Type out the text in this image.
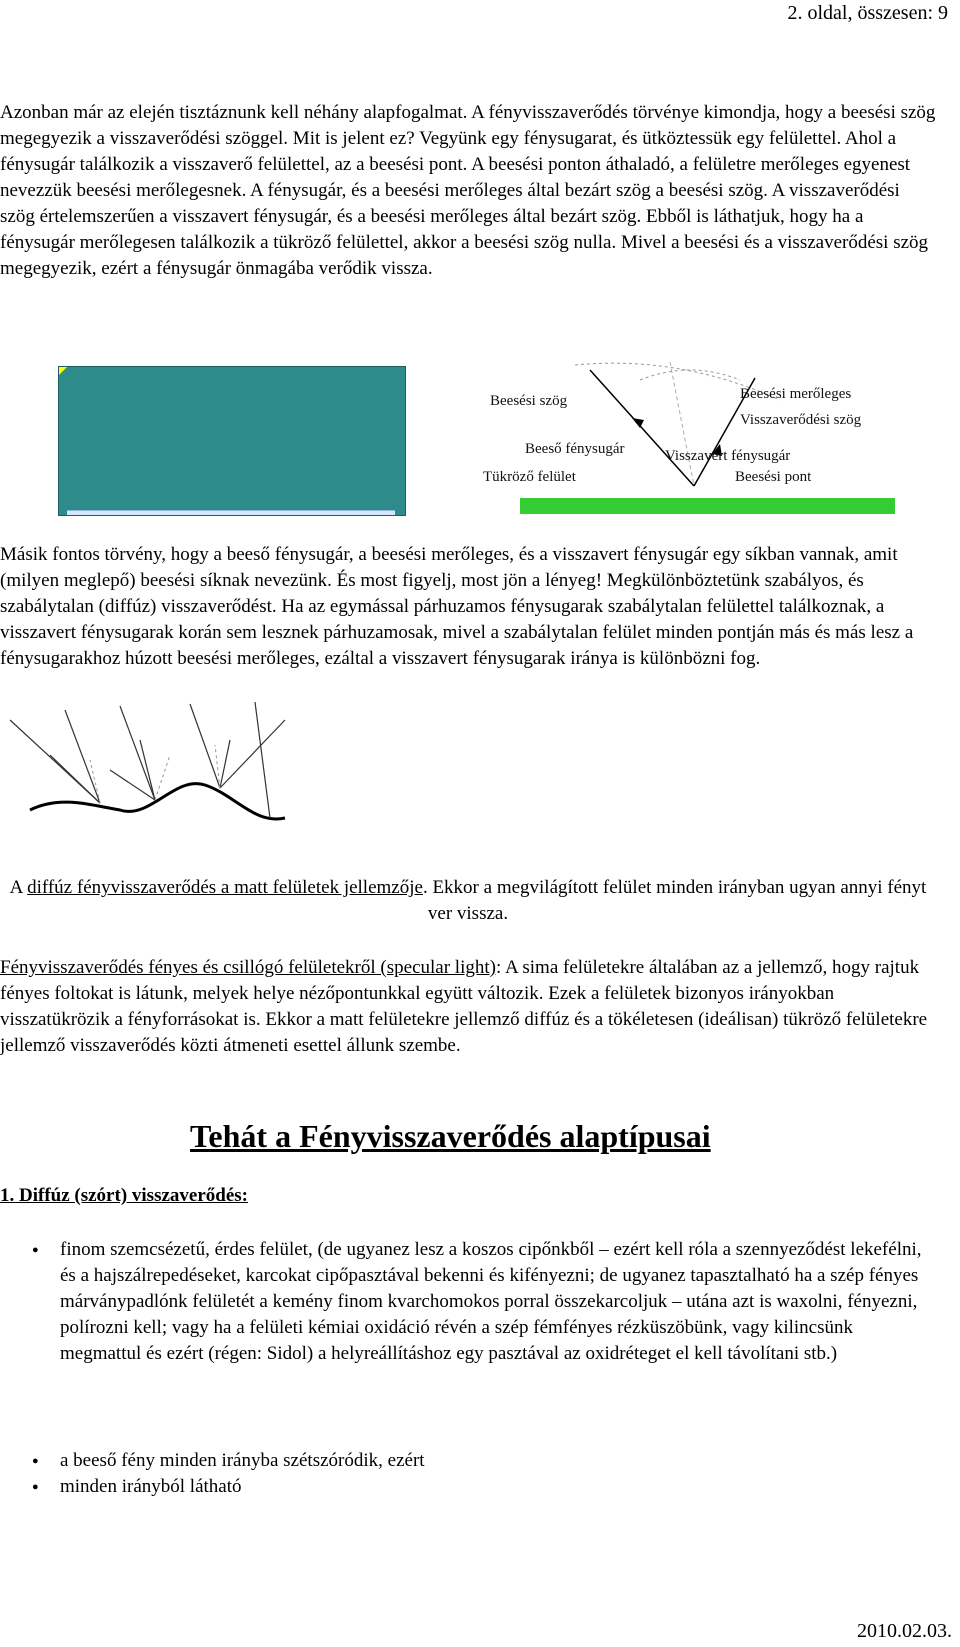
2. oldal, összesen: 9

Azonban már az elején tisztáznunk kell néhány alapfogalmat. A fényvisszaverődés törvénye kimondja, hogy a beesési szög megegyezik a visszaverődési szöggel. Mit is jelent ez? Vegyünk egy fénysugarat, és ütköztessük egy felülettel. Ahol a fénysugár találkozik a visszaverő felülettel, az a beesési pont. A beesési ponton áthaladó, a felületre merőleges egyenest nevezzük beesési merőlegesnek. A fénysugár, és a beesési merőleges által bezárt szög a beesési szög. A visszaverődési szög értelemszerűen a visszavert fénysugár, és a beesési merőleges által bezárt szög. Ebből is láthatjuk, hogy ha a fénysugár merőlegesen találkozik a tükröző felülettel, akkor a beesési szög nulla. Mivel a beesési és a visszaverődési szög megegyezik, ezért a fénysugár önmagába verődik vissza.

Beesési szög
Beeső fénysugár
Tükröző felület
Beesési merőleges
Visszaverődési szög
Visszavert fénysugár
Beesési pont

Másik fontos törvény, hogy a beeső fénysugár, a beesési merőleges, és a visszavert fénysugár egy síkban vannak, amit (milyen meglepő) beesési síknak nevezünk. És most figyelj, most jön a lényeg! Megkülönböztetünk szabályos, és szabálytalan (diffúz) visszaverődést. Ha az egymással párhuzamos fénysugarak szabálytalan felülettel találkoznak, a visszavert fénysugarak korán sem lesznek párhuzamosak, mivel a szabálytalan felület minden pontján más és más lesz a fénysugarakhoz húzott beesési merőleges, ezáltal a visszavert fénysugarak iránya is különbözni fog.

A diffúz fényvisszaverődés a matt felületek jellemzője. Ekkor a megvilágított felület minden irányban ugyan annyi fényt ver vissza.

Fényvisszaverődés fényes és csillógó felületekről (specular light): A sima felületekre általában az a jellemző, hogy rajtuk fényes foltokat is látunk, melyek helye nézőpontunkkal együtt változik. Ezek a felületek bizonyos irányokban visszatükrözik a fényforrásokat is. Ekkor a matt felületekre jellemző diffúz és a tökéletesen (ideálisan) tükröző felületekre jellemző visszaverődés közti átmeneti esettel állunk szembe.

Tehát a Fényvisszaverődés alaptípusai
1. Diffúz (szórt) visszaverődés:
● finom szemcsézetű, érdes felület, (de ugyanez lesz a koszos cipőnkből – ezért kell róla a szennyeződést lekefélni, és a hajszálrepedéseket, karcokat cipőpasztával bekenni és kifényezni; de ugyanez tapasztalható ha a szép fényes márványpadlónk felületét a kemény finom kvarchomokos porral összekarcoljuk – utána azt is waxolni, fényezni, polírozni kell; vagy ha a felületi kémiai oxidáció révén a szép fémfényes rézküszöbünk, vagy kilincsünk megmattul és ezért (régen: Sidol) a helyreállításhoz egy pasztával az oxidréteget el kell távolítani stb.)
● a beeső fény minden irányba szétszóródik, ezért
● minden irányból látható
2010.02.03.
